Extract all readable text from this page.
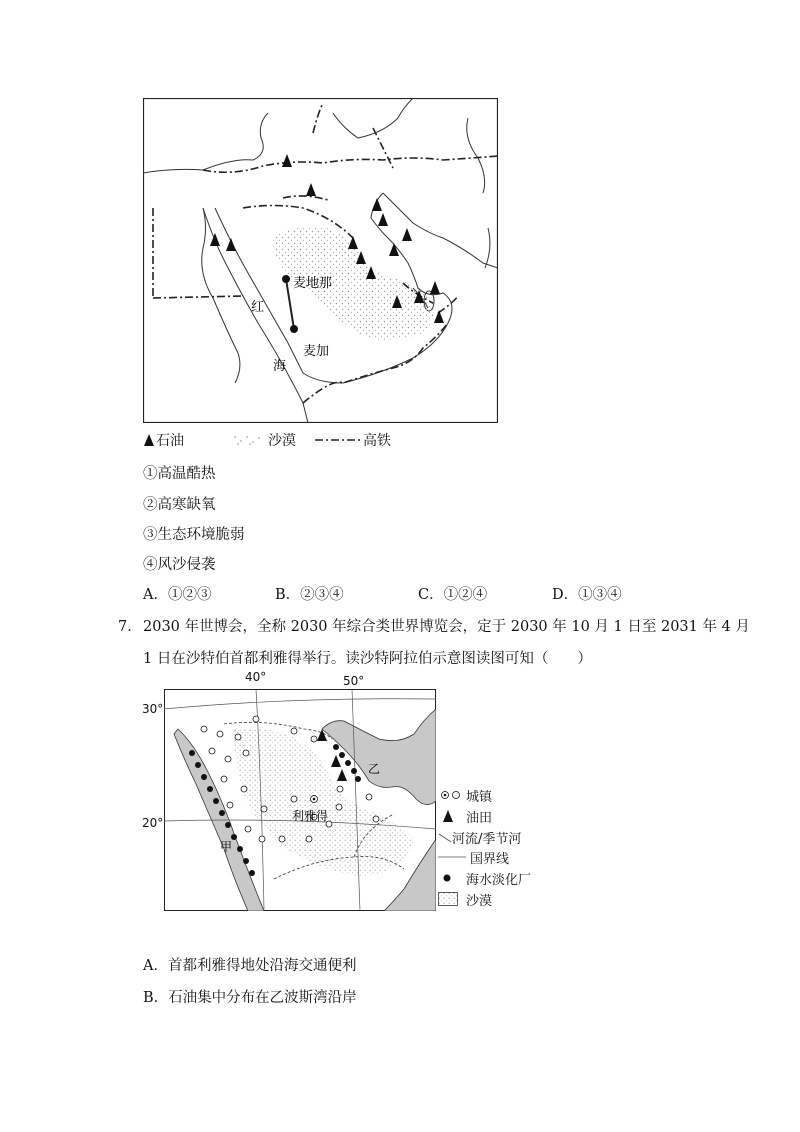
麦地那
麦加
红
海
石油	沙漠	高铁
①高温酷热
②高寒缺氧
③生态环境脆弱
④风沙侵袭
A．①②③	B．②③④	C．①②④	D．①③④
7． 2030 年世博会，全称 2030 年综合类世界博览会，定于 2030 年 10 月 1 日至 2031 年 4 月
1 日在沙特伯首都利雅得举行。读沙特阿拉伯示意图读图可知（　　）
40°	50°
30°
20°	利雅得
甲
乙
城镇
油田
河流/季节河
国界线
海水淡化厂
沙漠
A．首都利雅得地处沿海交通便利
B．石油集中分布在乙波斯湾沿岸
